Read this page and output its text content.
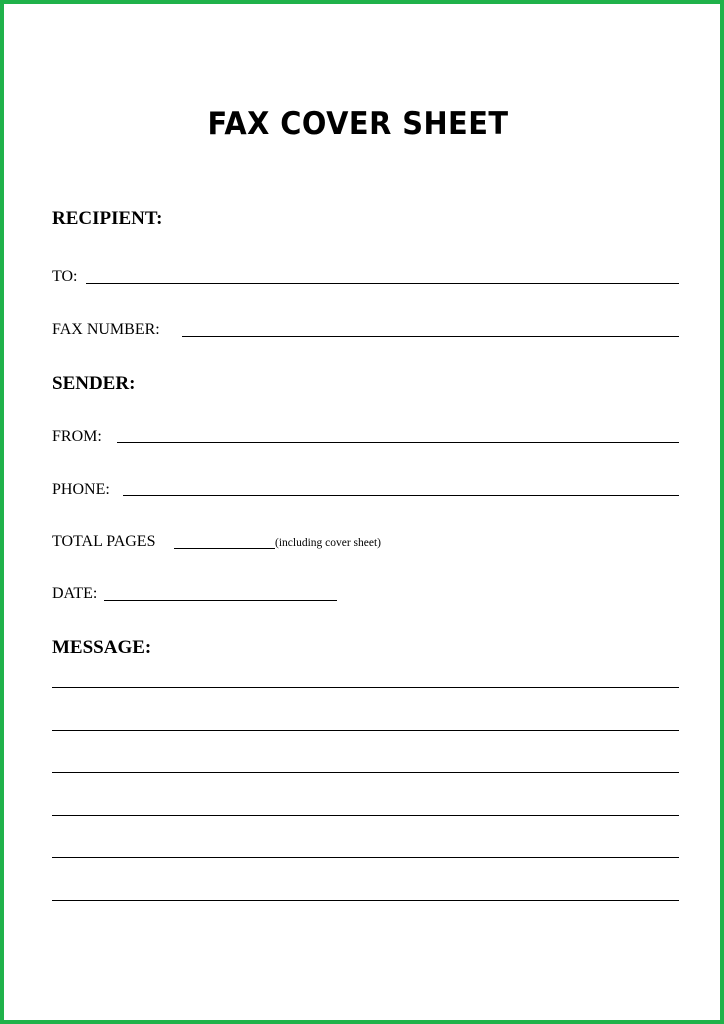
FAX COVER SHEET
RECIPIENT:
TO:
FAX NUMBER:
SENDER:
FROM:
PHONE:
TOTAL PAGES	(including cover sheet)
DATE:
MESSAGE:
